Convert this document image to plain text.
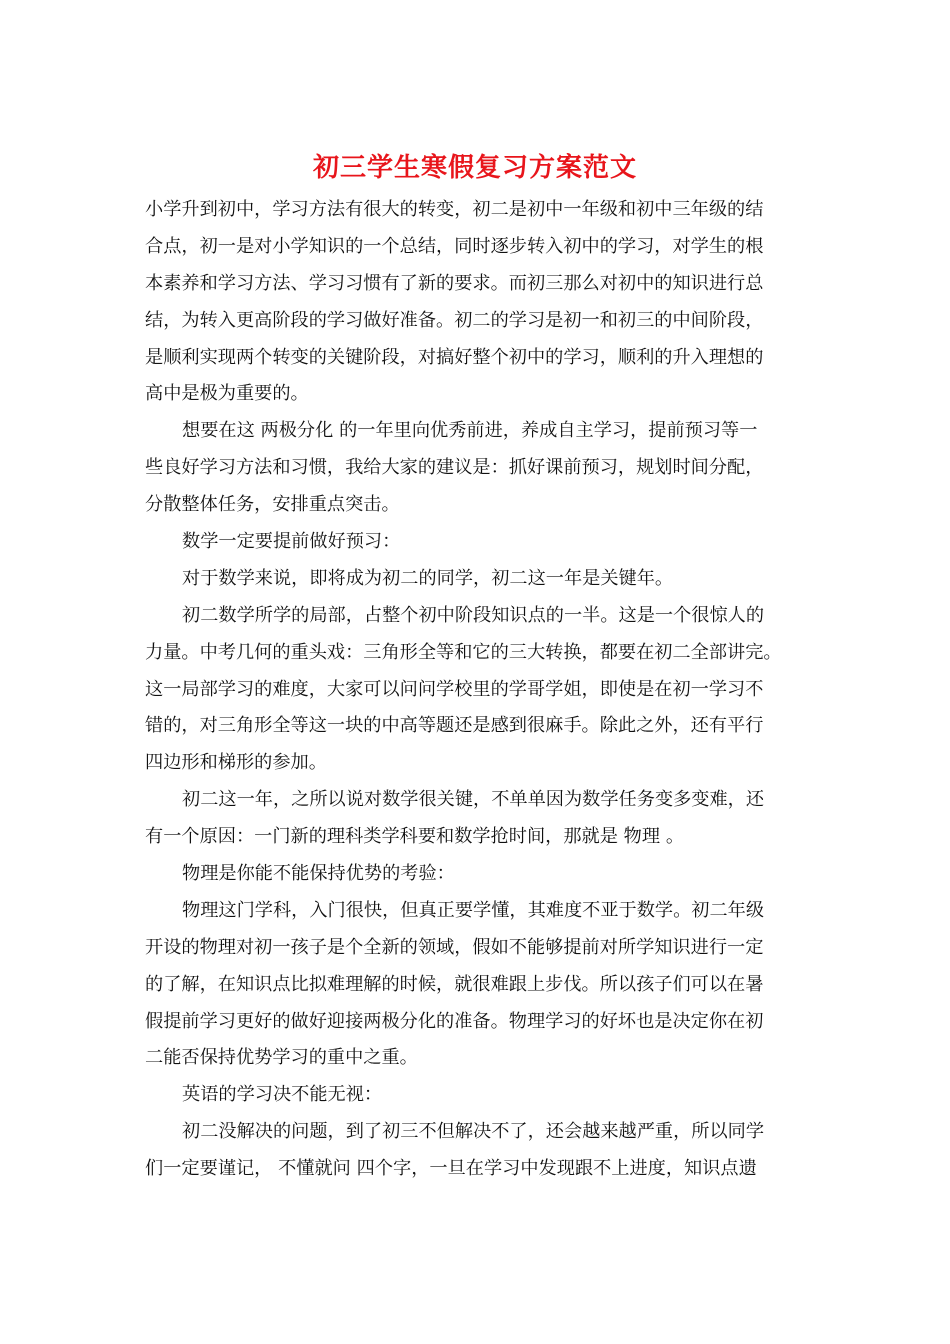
初三学生寒假复习方案范文
小学升到初中，学习方法有很大的转变，初二是初中一年级和初中三年级的结
合点，初一是对小学知识的一个总结，同时逐步转入初中的学习，对学生的根
本素养和学习方法、学习习惯有了新的要求。而初三那么对初中的知识进行总
结，为转入更高阶段的学习做好准备。初二的学习是初一和初三的中间阶段，
是顺利实现两个转变的关键阶段，对搞好整个初中的学习，顺利的升入理想的
高中是极为重要的。
想要在这 两极分化 的一年里向优秀前进，养成自主学习，提前预习等一
些良好学习方法和习惯，我给大家的建议是：抓好课前预习，规划时间分配，
分散整体任务，安排重点突击。
数学一定要提前做好预习：
对于数学来说，即将成为初二的同学，初二这一年是关键年。
初二数学所学的局部，占整个初中阶段知识点的一半。这是一个很惊人的
力量。中考几何的重头戏：三角形全等和它的三大转换，都要在初二全部讲完。
这一局部学习的难度，大家可以问问学校里的学哥学姐，即使是在初一学习不
错的，对三角形全等这一块的中高等题还是感到很麻手。除此之外，还有平行
四边形和梯形的参加。
初二这一年，之所以说对数学很关键，不单单因为数学任务变多变难，还
有一个原因：一门新的理科类学科要和数学抢时间，那就是 物理 。
物理是你能不能保持优势的考验：
物理这门学科，入门很快，但真正要学懂，其难度不亚于数学。初二年级
开设的物理对初一孩子是个全新的领域，假如不能够提前对所学知识进行一定
的了解，在知识点比拟难理解的时候，就很难跟上步伐。所以孩子们可以在暑
假提前学习更好的做好迎接两极分化的准备。物理学习的好坏也是决定你在初
二能否保持优势学习的重中之重。
英语的学习决不能无视：
初二没解决的问题，到了初三不但解决不了，还会越来越严重，所以同学
们一定要谨记， 不懂就问 四个字，一旦在学习中发现跟不上进度，知识点遗
